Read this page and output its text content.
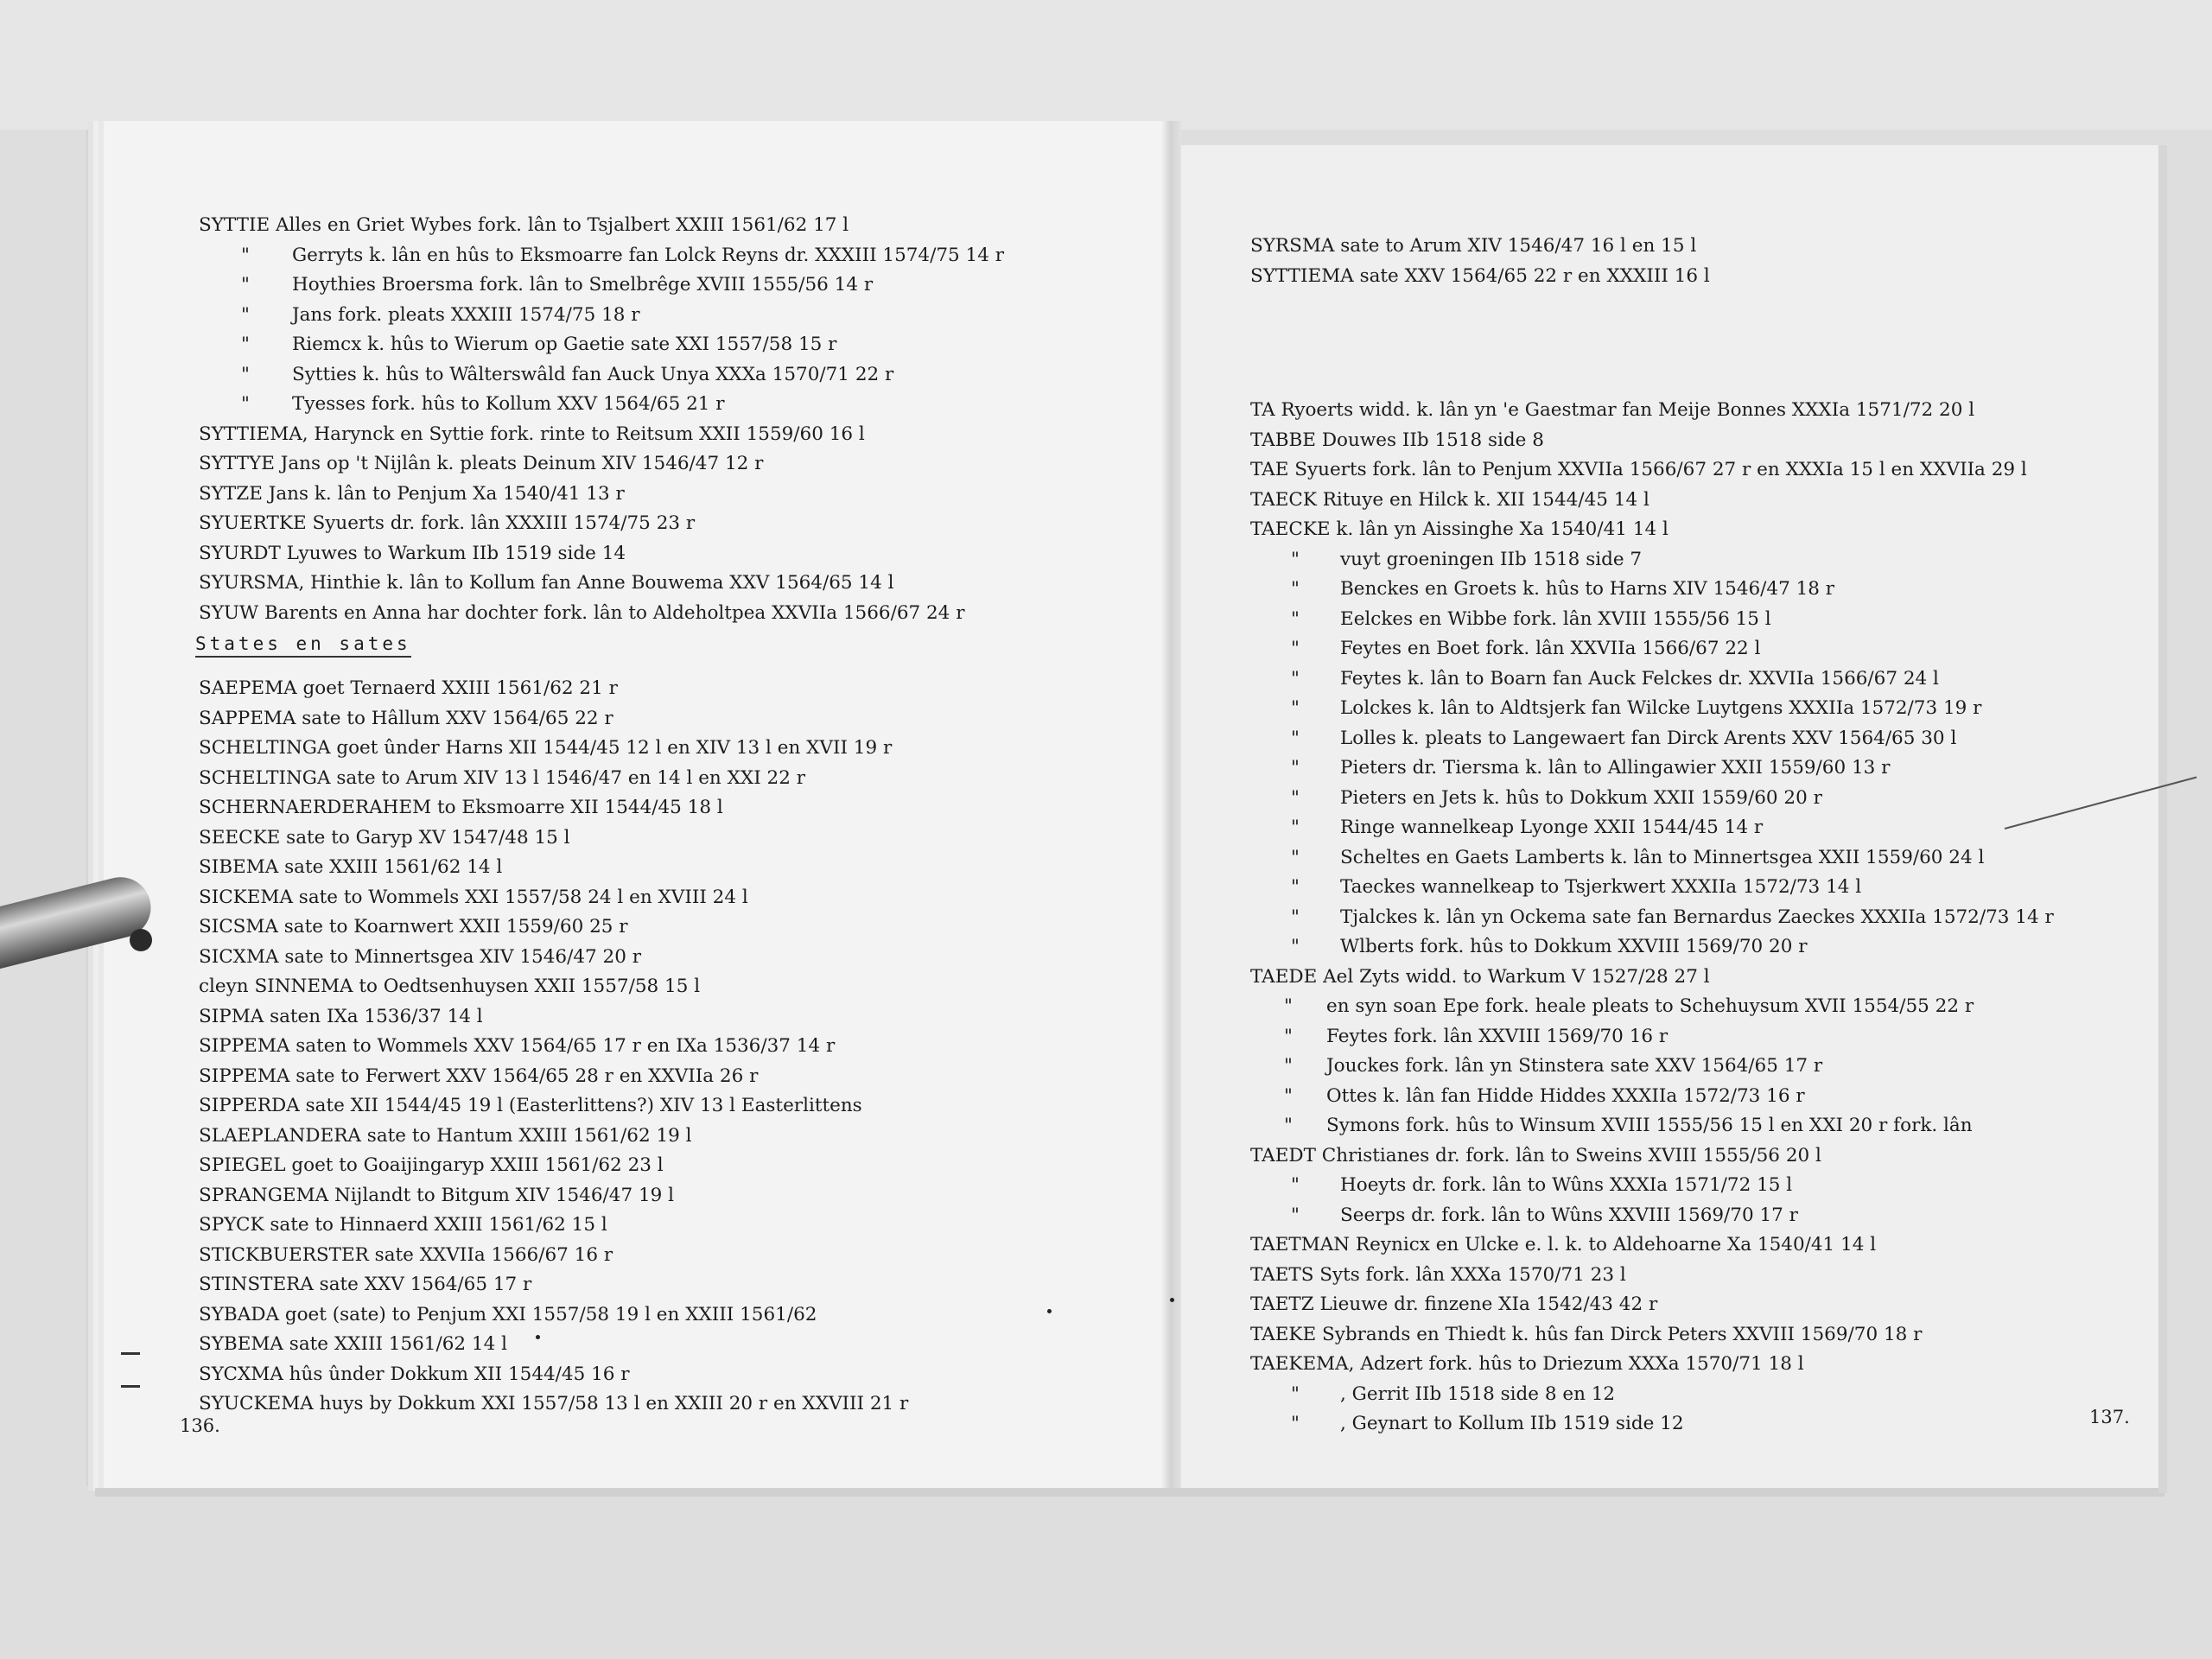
SYTTIE Alles en Griet Wybes fork. lân to Tsjalbert XXIII 1561/62 17 l
" Gerryts k. lân en hûs to Eksmoarre fan Lolck Reyns dr. XXXIII 1574/75 14 r
" Hoythies Broersma fork. lân to Smelbrêge XVIII 1555/56 14 r
" Jans fork. pleats XXXIII 1574/75 18 r
" Riemcx k. hûs to Wierum op Gaetie sate XXI 1557/58 15 r
" Sytties k. hûs to Wâlterswâld fan Auck Unya XXXa 1570/71 22 r
" Tyesses fork. hûs to Kollum XXV 1564/65 21 r
SYTTIEMA, Harynck en Syttie fork. rinte to Reitsum XXII 1559/60 16 l
SYTTYE Jans op 't Nijlân k. pleats Deinum XIV 1546/47 12 r
SYTZE Jans k. lân to Penjum Xa 1540/41 13 r
SYUERTKE Syuerts dr. fork. lân XXXIII 1574/75 23 r
SYURDT Lyuwes to Warkum IIb 1519 side 14
SYURSMA, Hinthie k. lân to Kollum fan Anne Bouwema XXV 1564/65 14 l
SYUW Barents en Anna har dochter fork. lân to Aldeholtpea XXVIIa 1566/67 24 r
States en sates
SAEPEMA goet Ternaerd XXIII 1561/62 21 r
SAPPEMA sate to Hâllum XXV 1564/65 22 r
SCHELTINGA goet ûnder Harns XII 1544/45 12 l en XIV 13 l en XVII 19 r
SCHELTINGA sate to Arum XIV 13 l 1546/47 en 14 l en XXI 22 r
SCHERNAERDERAHEM to Eksmoarre XII 1544/45 18 l
SEECKE sate to Garyp XV 1547/48 15 l
SIBEMA sate XXIII 1561/62 14 l
SICKEMA sate to Wommels XXI 1557/58 24 l en XVIII 24 l
SICSMA sate to Koarnwert XXII 1559/60 25 r
SICXMA sate to Minnertsgea XIV 1546/47 20 r
cleyn SINNEMA to Oedtsenhuysen XXII 1557/58 15 l
SIPMA saten IXa 1536/37 14 l
SIPPEMA saten to Wommels XXV 1564/65 17 r en IXa 1536/37 14 r
SIPPEMA sate to Ferwert XXV 1564/65 28 r en XXVIIa 26 r
SIPPERDA sate XII 1544/45 19 l (Easterlittens?) XIV 13 l Easterlittens
SLAEPLANDERA sate to Hantum XXIII 1561/62 19 l
SPIEGEL goet to Goaijingaryp XXIII 1561/62 23 l
SPRANGEMA Nijlandt to Bitgum XIV 1546/47 19 l
SPYCK sate to Hinnaerd XXIII 1561/62 15 l
STICKBUERSTER sate XXVIIa 1566/67 16 r
STINSTERA sate XXV 1564/65 17 r
SYBADA goet (sate) to Penjum XXI 1557/58 19 l en XXIII 1561/62
SYBEMA sate XXIII 1561/62 14 l
SYCXMA hûs ûnder Dokkum XII 1544/45 16 r
SYUCKEMA huys by Dokkum XXI 1557/58 13 l en XXIII 20 r en XXVIII 21 r
136.
SYRSMA sate to Arum XIV 1546/47 16 l en 15 l
SYTTIEMA sate XXV 1564/65 22 r en XXXIII 16 l
TA Ryoerts widd. k. lân yn 'e Gaestmar fan Meije Bonnes XXXIa 1571/72 20 l
TABBE Douwes IIb 1518 side 8
TAE Syuerts fork. lân to Penjum XXVIIa 1566/67 27 r en XXXIa 15 l en XXVIIa 29 l
TAECK Rituye en Hilck k. XII 1544/45 14 l
TAECKE k. lân yn Aissinghe Xa 1540/41 14 l
" vuyt groeningen IIb 1518 side 7
" Benckes en Groets k. hûs to Harns XIV 1546/47 18 r
" Eelckes en Wibbe fork. lân XVIII 1555/56 15 l
" Feytes en Boet fork. lân XXVIIa 1566/67 22 l
" Feytes k. lân to Boarn fan Auck Felckes dr. XXVIIa 1566/67 24 l
" Lolckes k. lân to Aldtsjerk fan Wilcke Luytgens XXXIIa 1572/73 19 r
" Lolles k. pleats to Langewaert fan Dirck Arents XXV 1564/65 30 l
" Pieters dr. Tiersma k. lân to Allingawier XXII 1559/60 13 r
" Pieters en Jets k. hûs to Dokkum XXII 1559/60 20 r
" Ringe wannelkeap Lyonge XXII 1544/45 14 r
" Scheltes en Gaets Lamberts k. lân to Minnertsgea XXII 1559/60 24 l
" Taeckes wannelkeap to Tsjerkwert XXXIIa 1572/73 14 l
" Tjalckes k. lân yn Ockema sate fan Bernardus Zaeckes XXXIIa 1572/73 14 r
" Wlberts fork. hûs to Dokkum XXVIII 1569/70 20 r
TAEDE Ael Zyts widd. to Warkum V 1527/28 27 l
" en syn soan Epe fork. heale pleats to Schehuysum XVII 1554/55 22 r
" Feytes fork. lân XXVIII 1569/70 16 r
" Jouckes fork. lân yn Stinstera sate XXV 1564/65 17 r
" Ottes k. lân fan Hidde Hiddes XXXIIa 1572/73 16 r
" Symons fork. hûs to Winsum XVIII 1555/56 15 l en XXI 20 r fork. lân
TAEDT Christianes dr. fork. lân to Sweins XVIII 1555/56 20 l
" Hoeyts dr. fork. lân to Wûns XXXIa 1571/72 15 l
" Seerps dr. fork. lân to Wûns XXVIII 1569/70 17 r
TAETMAN Reynicx en Ulcke e. l. k. to Aldehoarne Xa 1540/41 14 l
TAETS Syts fork. lân XXXa 1570/71 23 l
TAETZ Lieuwe dr. finzene XIa 1542/43 42 r
TAEKE Sybrands en Thiedt k. hûs fan Dirck Peters XXVIII 1569/70 18 r
TAEKEMA, Adzert fork. hûs to Driezum XXXa 1570/71 18 l
" , Gerrit IIb 1518 side 8 en 12
" , Geynart to Kollum IIb 1519 side 12	137.
